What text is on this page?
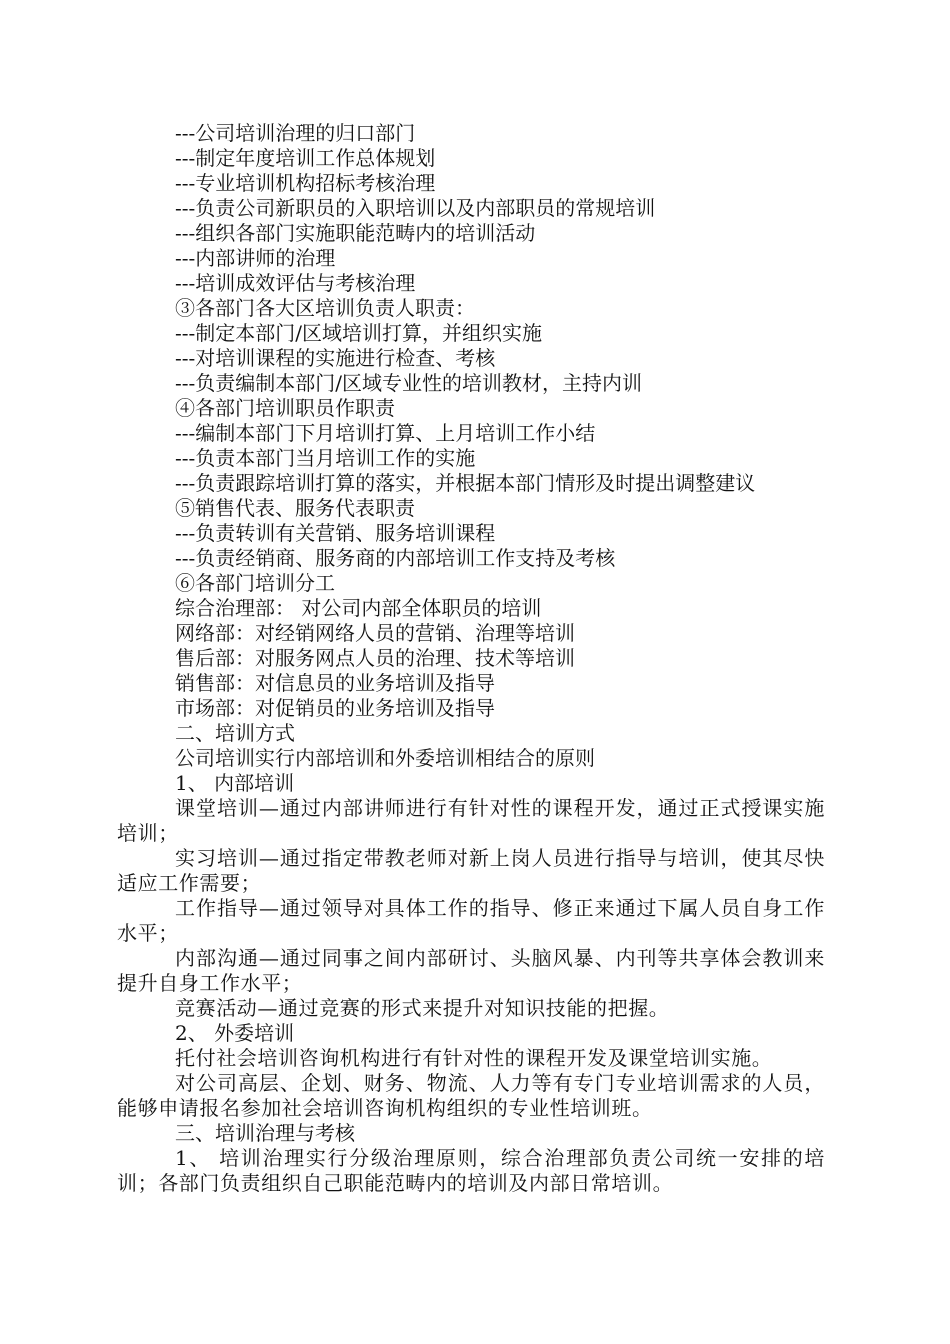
---公司培训治理的归口部门
---制定年度培训工作总体规划
---专业培训机构招标考核治理
---负责公司新职员的入职培训以及内部职员的常规培训
---组织各部门实施职能范畴内的培训活动
---内部讲师的治理
---培训成效评估与考核治理
③各部门各大区培训负责人职责：
---制定本部门/区域培训打算，并组织实施
---对培训课程的实施进行检查、考核
---负责编制本部门/区域专业性的培训教材，主持内训
④各部门培训职员作职责
---编制本部门下月培训打算、上月培训工作小结
---负责本部门当月培训工作的实施
---负责跟踪培训打算的落实，并根据本部门情形及时提出调整建议
⑤销售代表、服务代表职责
---负责转训有关营销、服务培训课程
---负责经销商、服务商的内部培训工作支持及考核
⑥各部门培训分工
综合治理部： 对公司内部全体职员的培训
网络部：对经销网络人员的营销、治理等培训
售后部：对服务网点人员的治理、技术等培训
销售部：对信息员的业务培训及指导
市场部：对促销员的业务培训及指导
二、培训方式
公司培训实行内部培训和外委培训相结合的原则
1、 内部培训
课堂培训—通过内部讲师进行有针对性的课程开发，通过正式授课实施培训；
实习培训—通过指定带教老师对新上岗人员进行指导与培训，使其尽快适应工作需要；
工作指导—通过领导对具体工作的指导、修正来通过下属人员自身工作水平；
内部沟通—通过同事之间内部研讨、头脑风暴、内刊等共享体会教训来提升自身工作水平；
竞赛活动—通过竞赛的形式来提升对知识技能的把握。
2、 外委培训
托付社会培训咨询机构进行有针对性的课程开发及课堂培训实施。
对公司高层、企划、财务、物流、人力等有专门专业培训需求的人员，能够申请报名参加社会培训咨询机构组织的专业性培训班。
三、培训治理与考核
1、 培训治理实行分级治理原则，综合治理部负责公司统一安排的培训；各部门负责组织自己职能范畴内的培训及内部日常培训。
